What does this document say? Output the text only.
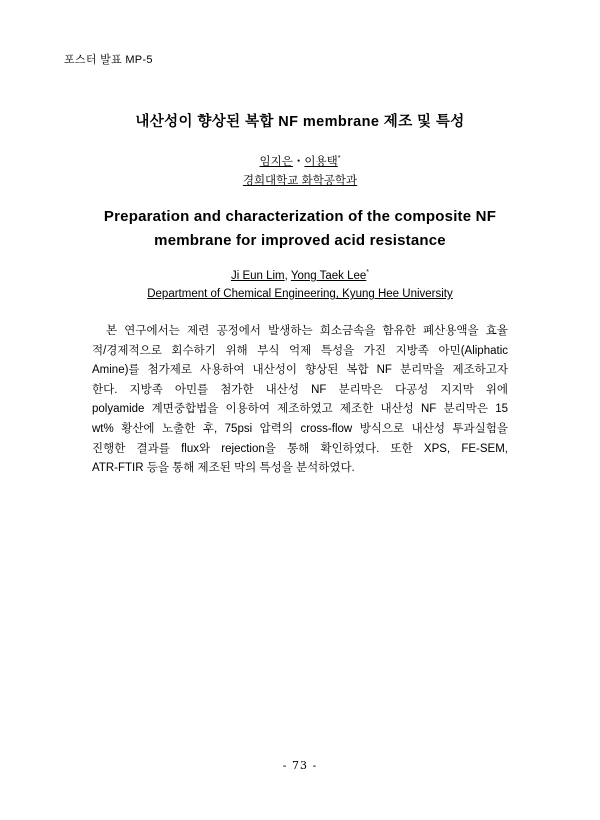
포스터 발표 MP-5
내산성이 향상된 복합 NF membrane 제조 및 특성
임지은・이용택*
경희대학교 화학공학과
Preparation and characterization of the composite NF
membrane for improved acid resistance
Ji Eun Lim, Yong Taek Lee*
Department of Chemical Engineering, Kyung Hee University
본 연구에서는 제련 공정에서 발생하는 희소금속을 함유한 폐산용액을 효율
적/경제적으로 회수하기 위해 부식 억제 특성을 가진 지방족 아민(Aliphatic
Amine)를 첨가제로 사용하여 내산성이 향상된 복합 NF 분리막을 제조하고자
한다. 지방족 아민를 첨가한 내산성 NF 분리막은 다공성 지지막 위에
polyamide 계면중합법을 이용하여 제조하였고 제조한 내산성 NF 분리막은 15
wt% 황산에 노출한 후, 75psi 압력의 cross-flow 방식으로 내산성 투과실험을
진행한 결과를 flux와 rejection을 통해 확인하였다. 또한 XPS, FE-SEM,
ATR-FTIR 등을 통해 제조된 막의 특성을 분석하였다.
- 73 -
